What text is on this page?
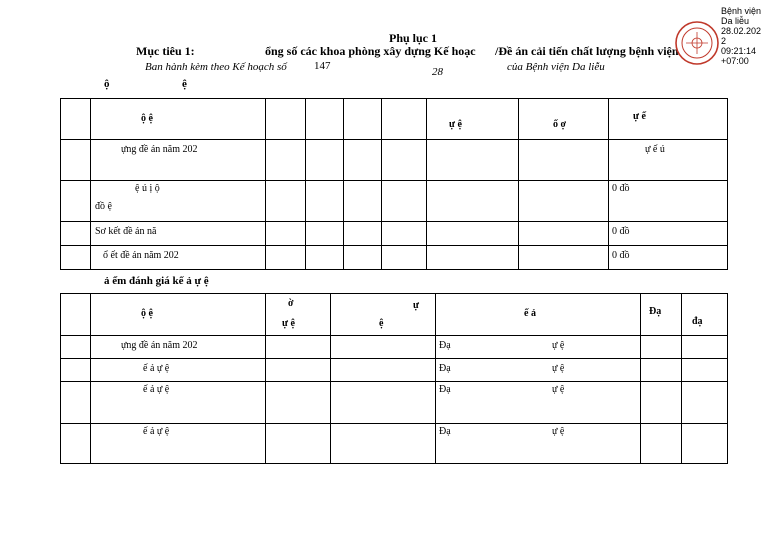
Phụ lục 1
Mục tiêu 1:	ổng số các khoa phòng xây dựng Kế hoạc /Đề án cải tiến chất lượng bệnh viện
Ban hành kèm theo Kế hoạch số 147	28	của Bệnh viện Da liễu
ộ	ệ
Bệnh viện
Da liễu
28.02.202
2
09:21:14
+07:00

	ộ ệ					ự ệ	ố ợ	ự ế

	ựng đề án năm 202							ự ế ú

	ệ ú ị ộ
đồ ệ							0 đồ

	Sơ kết đề án nă							0 đồ

	ổ ết đề án năm 202							0 đồ
ả ểm đánh giá kế ả ự ệ

	ộ ệ	ờ
ự ệ	ự
ệ	ế ả	Đạ	đạ

	ựng đề án năm 202			Đạ ự ệ		

	ế ả ự ệ			Đạ ự ệ		

	ế ả ự ệ			Đạ ự ệ		

	ế ả ự ệ			Đạ ự ệ		
